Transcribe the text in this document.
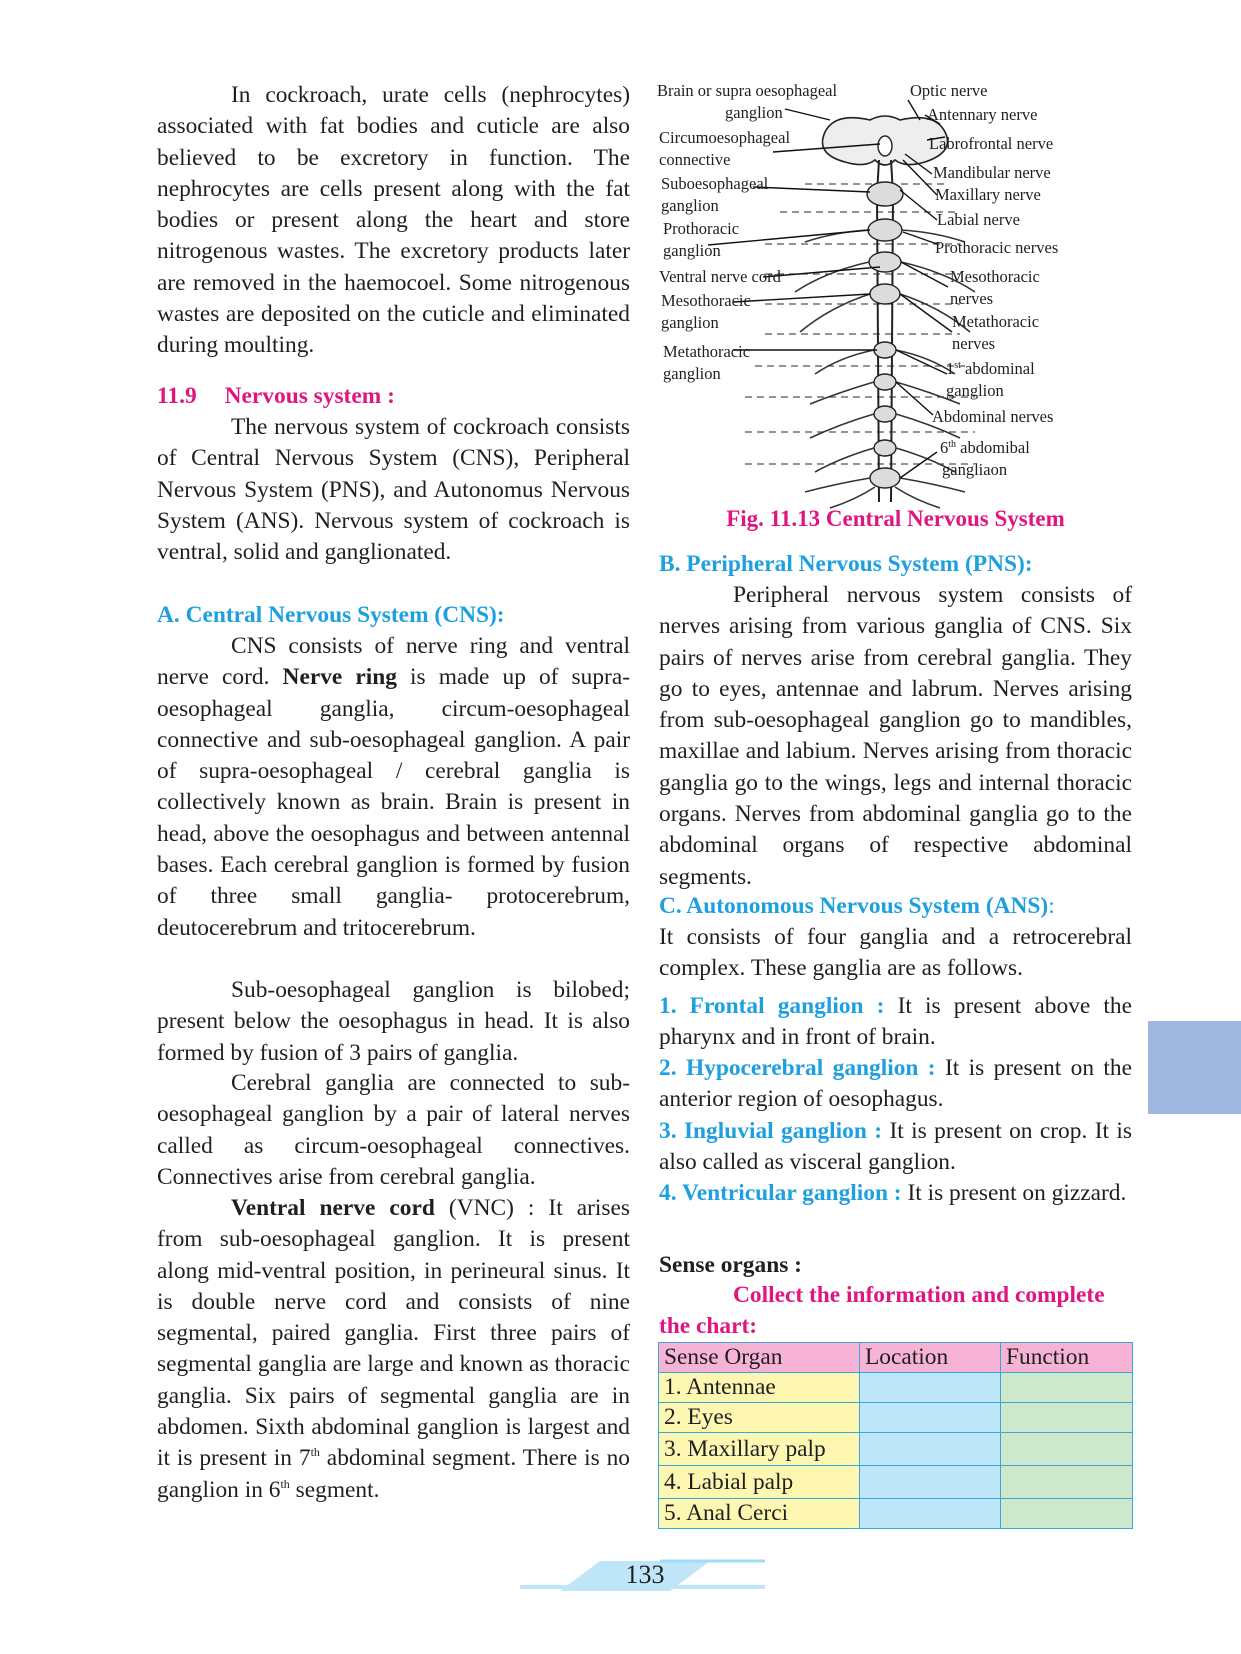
In cockroach, urate cells (nephrocytes) associated with fat bodies and cuticle are also believed to be excretory in function. The nephrocytes are cells present along with the fat bodies or present along the heart and store nitrogenous wastes. The excretory products later are removed in the haemocoel. Some nitrogenous wastes are deposited on the cuticle and eliminated during moulting.

11.9 Nervous system :

The nervous system of cockroach consists of Central Nervous System (CNS), Peripheral Nervous System (PNS), and Autonomus Nervous System (ANS). Nervous system of cockroach is ventral, solid and ganglionated.

A. Central Nervous System (CNS):

CNS consists of nerve ring and ventral nerve cord. Nerve ring is made up of supra-oesophageal ganglia, circum-oesophageal connective and sub-oesophageal ganglion. A pair of supra-oesophageal / cerebral ganglia is collectively known as brain. Brain is present in head, above the oesophagus and between antennal bases. Each cerebral ganglion is formed by fusion of three small ganglia- protocerebrum, deutocerebrum and tritocerebrum.

Sub-oesophageal ganglion is bilobed; present below the oesophagus in head. It is also formed by fusion of 3 pairs of ganglia.

Cerebral ganglia are connected to sub-oesophageal ganglion by a pair of lateral nerves called as circum-oesophageal connectives. Connectives arise from cerebral ganglia.

Ventral nerve cord (VNC) : It arises from sub-oesophageal ganglion. It is present along mid-ventral position, in perineural sinus. It is double nerve cord and consists of nine segmental, paired ganglia. First three pairs of segmental ganglia are large and known as thoracic ganglia. Six pairs of segmental ganglia are in abdomen. Sixth abdominal ganglion is largest and it is present in 7th abdominal segment. There is no ganglion in 6th segment.

Brain or supra oesophageal
ganglion
Circumoesophageal
connective
Suboesophageal
ganglion
Prothoracic
ganglion
Ventral nerve cord
Mesothoracic
ganglion
Metathoracic
ganglion
Optic nerve
Antennary nerve
Labrofrontal nerve
Mandibular nerve
Maxillary nerve
Labial nerve
Prothoracic nerves
Mesothoracic
nerves
Metathoracic
nerves
1st abdominal
ganglion
Abdominal nerves
6th abdomibal
gangliaon
Fig. 11.13 Central Nervous System

B. Peripheral Nervous System (PNS):

Peripheral nervous system consists of nerves arising from various ganglia of CNS. Six pairs of nerves arise from cerebral ganglia. They go to eyes, antennae and labrum. Nerves arising from sub-oesophageal ganglion go to mandibles, maxillae and labium. Nerves arising from thoracic ganglia go to the wings, legs and internal thoracic organs. Nerves from abdominal ganglia go to the abdominal organs of respective abdominal segments.

C. Autonomous Nervous System (ANS):

It consists of four ganglia and a retrocerebral complex. These ganglia are as follows.

1. Frontal ganglion : It is present above the pharynx and in front of brain.

2. Hypocerebral ganglion : It is present on the anterior region of oesophagus.

3. Ingluvial ganglion : It is present on crop. It is also called as visceral ganglion.

4. Ventricular ganglion : It is present on gizzard.

Sense organs :

Collect the information and complete the chart:

Sense Organ	Location	Function
1. Antennae		
2. Eyes		
3. Maxillary palp		
4. Labial palp		
5. Anal Cerci		
133
